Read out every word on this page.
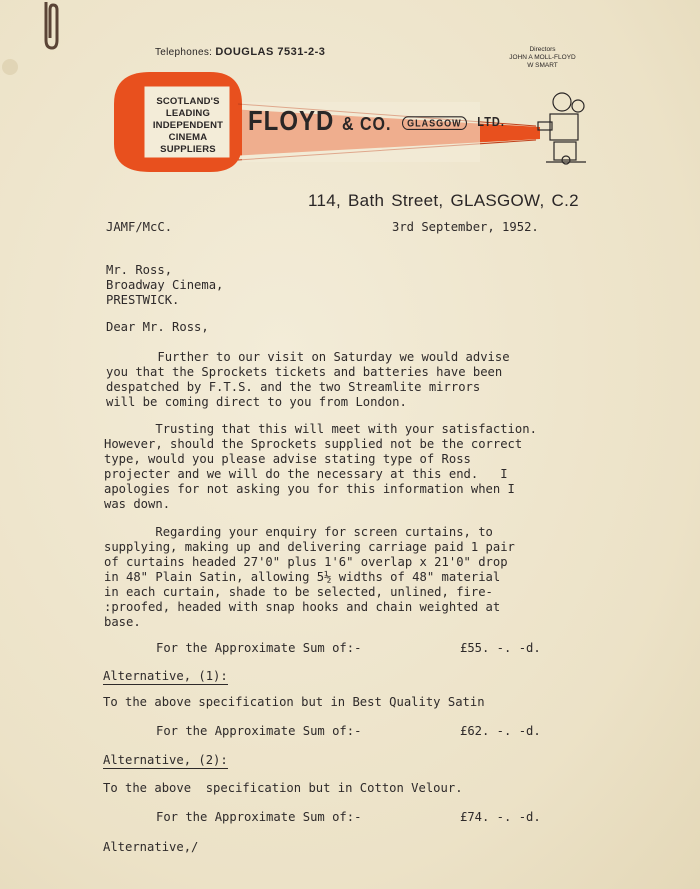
Telephones: DOUGLAS 7531-2-3	Directors
JOHN A MOLL-FLOYD
W SMART
SCOTLAND'S
LEADING
INDEPENDENT
CINEMA
SUPPLIERS
FLOYD & CO. GLASGOW LTD.
114, Bath Street, GLASGOW, C.2
JAMF/McC.	3rd September, 1952.
Mr. Ross,
Broadway Cinema,
PRESTWICK.
Dear Mr. Ross,
Further to our visit on Saturday we would advise
you that the Sprockets tickets and batteries have been
despatched by F.T.S. and the two Streamlite mirrors
will be coming direct to you from London.
Trusting that this will meet with your satisfaction.
However, should the Sprockets supplied not be the correct
type, would you please advise stating type of Ross
projecter and we will do the necessary at this end.   I
apologies for not asking you for this information when I
was down.
Regarding your enquiry for screen curtains, to
supplying, making up and delivering carriage paid 1 pair
of curtains headed 27'0" plus 1'6" overlap x 21'0" drop
in 48" Plain Satin, allowing 5½ widths of 48" material
in each curtain, shade to be selected, unlined, fire-
:proofed, headed with snap hooks and chain weighted at
base.
For the Approximate Sum of:-	£55. -. -d.
Alternative, (1):
To the above specification but in Best Quality Satin
For the Approximate Sum of:-	£62. -. -d.
Alternative, (2):
To the above  specification but in Cotton Velour.
For the Approximate Sum of:-	£74. -. -d.
Alternative,/
